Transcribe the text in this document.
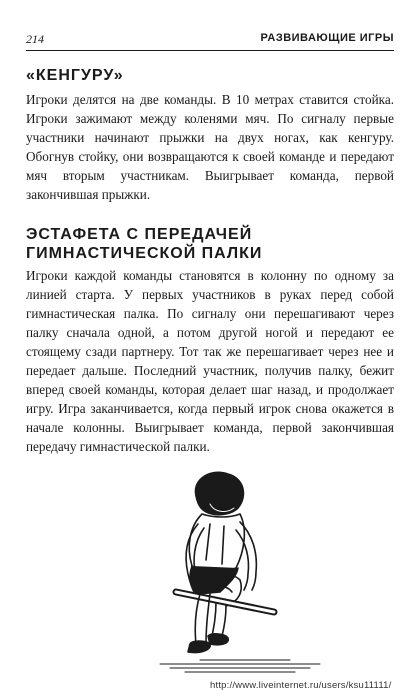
214	РАЗВИВАЮЩИЕ ИГРЫ
«КЕНГУРУ»

Игроки делятся на две команды. В 10 метрах ставится стойка. Игроки зажимают между коленями мяч. По сигналу первые участники начинают прыжки на двух ногах, как кенгуру. Обогнув стойку, они возвращаются к своей команде и передают мяч вторым участникам. Выигрывает команда, первой закончившая прыжки.

ЭСТАФЕТА С ПЕРЕДАЧЕЙ ГИМНАСТИЧЕСКОЙ ПАЛКИ

Игроки каждой команды становятся в колонну по одному за линией старта. У первых участников в руках перед собой гимнастическая палка. По сигналу они перешагивают через палку сначала одной, а потом другой ногой и передают ее стоящему сзади партнеру. Тот так же перешагивает через нее и передает дальше. Последний участник, получив палку, бежит вперед своей команды, которая делает шаг назад, и продолжает игру. Игра заканчивается, когда первый игрок снова окажется в начале колонны. Выигрывает команда, первой закончившая передачу гимнастической палки.

http://www.liveinternet.ru/users/ksu11111/
